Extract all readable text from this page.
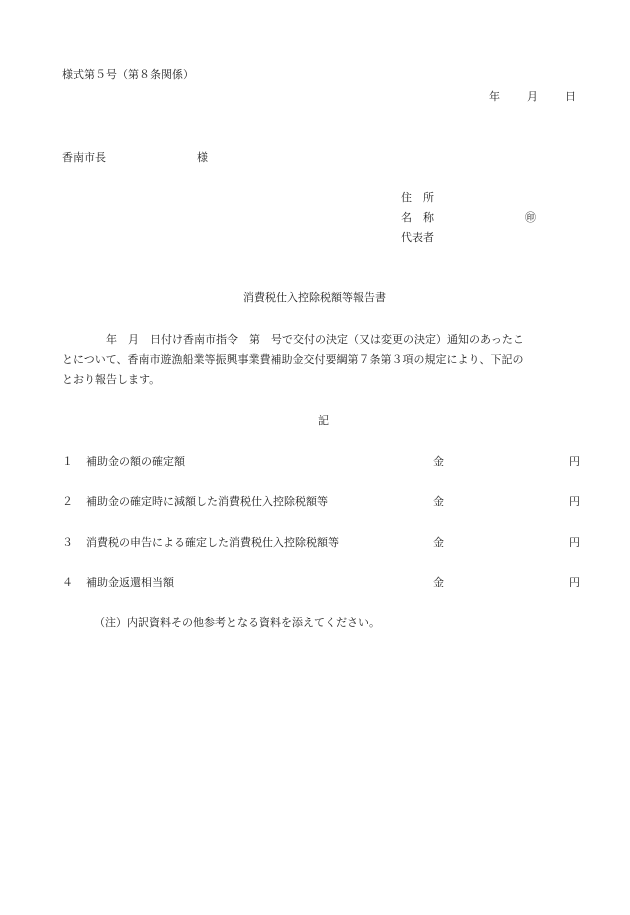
様式第５号（第８条関係）
年 月 日
香南市長	様
住　所
名　称	㊞
代表者
消費税仕入控除税額等報告書
　　　　年　月　日付け香南市指令　第　号で交付の決定（又は変更の決定）通知のあったこ
とについて、香南市遊漁船業等振興事業費補助金交付要綱第７条第３項の規定により、下記の
とおり報告します。
記
１ 補助金の額の確定額	金	円
２ 補助金の確定時に減額した消費税仕入控除税額等	金	円
３ 消費税の申告による確定した消費税仕入控除税額等	金	円
４ 補助金返還相当額	金	円
（注）内訳資料その他参考となる資料を添えてください。
